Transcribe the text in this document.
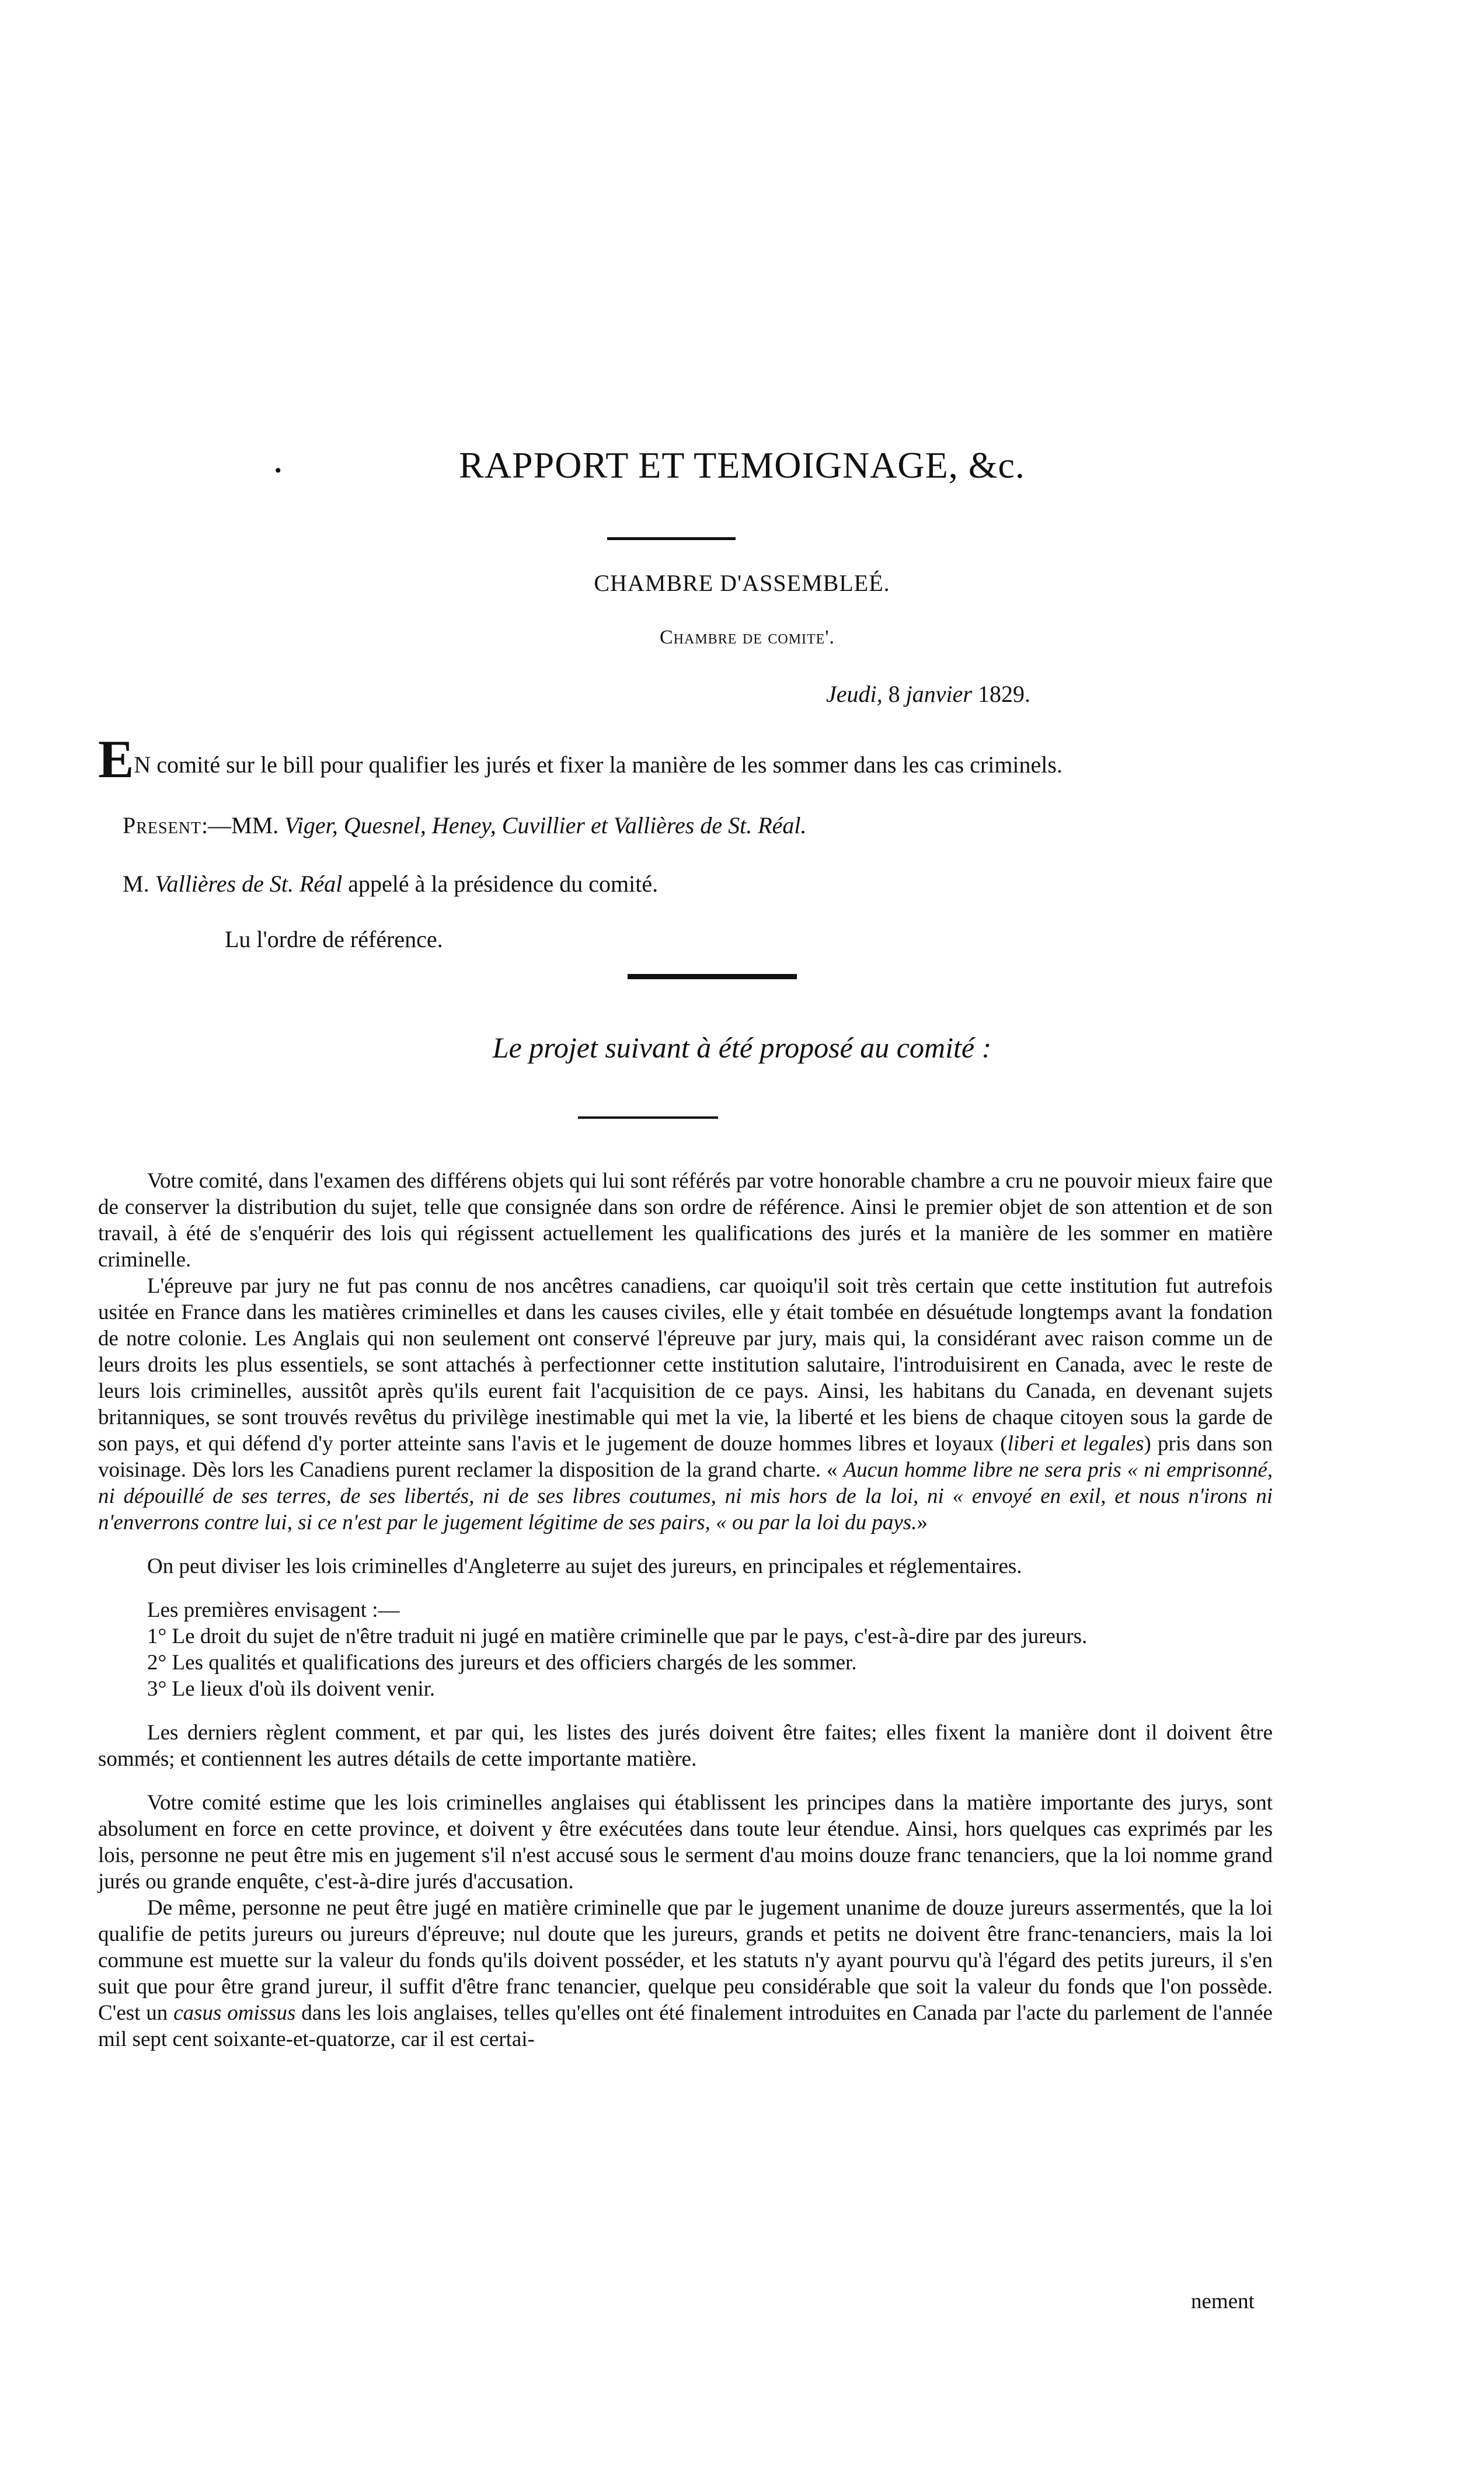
•	RAPPORT ET TEMOIGNAGE, &c.
CHAMBRE D'ASSEMBLEÉ.
Chambre de comite'.
Jeudi, 8 janvier 1829.
EN comité sur le bill pour qualifier les jurés et fixer la manière de les sommer dans les cas criminels.
Present:—MM. Viger, Quesnel, Heney, Cuvillier et Vallières de St. Réal.
M. Vallières de St. Réal appelé à la présidence du comité.
Lu l'ordre de référence.
Le projet suivant à été proposé au comité :

Votre comité, dans l'examen des différens objets qui lui sont référés par votre honorable chambre a cru ne pouvoir mieux faire que de conserver la distribution du sujet, telle que consignée dans son ordre de référence. Ainsi le premier objet de son attention et de son travail, à été de s'enquérir des lois qui régissent actuellement les qualifications des jurés et la manière de les sommer en matière criminelle.

L'épreuve par jury ne fut pas connu de nos ancêtres canadiens, car quoiqu'il soit très certain que cette institution fut autrefois usitée en France dans les matières criminelles et dans les causes civiles, elle y était tombée en désuétude longtemps avant la fondation de notre colonie. Les Anglais qui non seulement ont conservé l'épreuve par jury, mais qui, la considérant avec raison comme un de leurs droits les plus essentiels, se sont attachés à perfectionner cette institution salutaire, l'introduisirent en Canada, avec le reste de leurs lois criminelles, aussitôt après qu'ils eurent fait l'acquisition de ce pays. Ainsi, les habitans du Canada, en devenant sujets britanniques, se sont trouvés revêtus du privilège inestimable qui met la vie, la liberté et les biens de chaque citoyen sous la garde de son pays, et qui défend d'y porter atteinte sans l'avis et le jugement de douze hommes libres et loyaux (liberi et legales) pris dans son voisinage. Dès lors les Canadiens purent reclamer la disposition de la grand charte. « Aucun homme libre ne sera pris « ni emprisonné, ni dépouillé de ses terres, de ses libertés, ni de ses libres coutumes, ni mis hors de la loi, ni « envoyé en exil, et nous n'irons ni n'enverrons contre lui, si ce n'est par le jugement légitime de ses pairs, « ou par la loi du pays.»

On peut diviser les lois criminelles d'Angleterre au sujet des jureurs, en principales et réglementaires.

Les premières envisagent :—

1° Le droit du sujet de n'être traduit ni jugé en matière criminelle que par le pays, c'est-à-dire par des jureurs.

2° Les qualités et qualifications des jureurs et des officiers chargés de les sommer.

3° Le lieux d'où ils doivent venir.

Les derniers règlent comment, et par qui, les listes des jurés doivent être faites; elles fixent la manière dont il doivent être sommés; et contiennent les autres détails de cette importante matière.

Votre comité estime que les lois criminelles anglaises qui établissent les principes dans la matière importante des jurys, sont absolument en force en cette province, et doivent y être exécutées dans toute leur étendue. Ainsi, hors quelques cas exprimés par les lois, personne ne peut être mis en jugement s'il n'est accusé sous le serment d'au moins douze franc tenanciers, que la loi nomme grand jurés ou grande enquête, c'est-à-dire jurés d'accusation.

De même, personne ne peut être jugé en matière criminelle que par le jugement unanime de douze jureurs assermentés, que la loi qualifie de petits jureurs ou jureurs d'épreuve; nul doute que les jureurs, grands et petits ne doivent être franc-tenanciers, mais la loi commune est muette sur la valeur du fonds qu'ils doivent posséder, et les statuts n'y ayant pourvu qu'à l'égard des petits jureurs, il s'en suit que pour être grand jureur, il suffit d'être franc tenancier, quelque peu considérable que soit la valeur du fonds que l'on possède. C'est un casus omissus dans les lois anglaises, telles qu'elles ont été finalement introduites en Canada par l'acte du parlement de l'année mil sept cent soixante-et-quatorze, car il est certai-

nement
